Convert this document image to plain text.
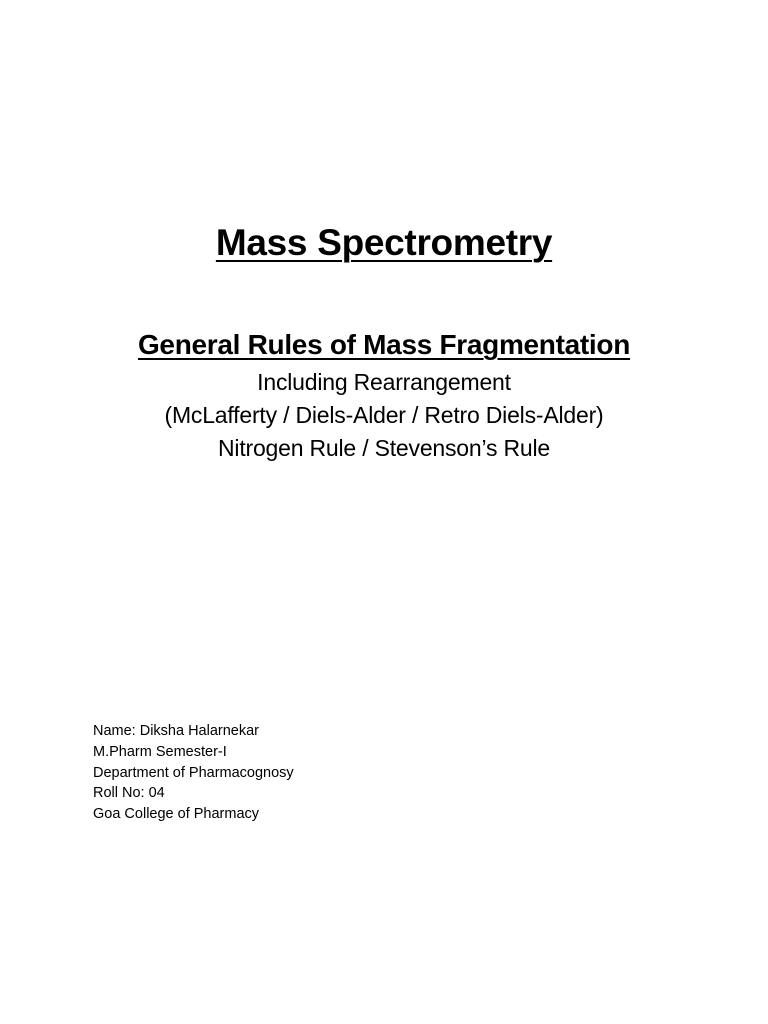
Mass Spectrometry
General Rules of Mass Fragmentation
Including Rearrangement
(McLafferty / Diels-Alder / Retro Diels-Alder)
Nitrogen Rule / Stevenson’s Rule
Name: Diksha Halarnekar
M.Pharm Semester-I
Department of Pharmacognosy
Roll No: 04
Goa College of Pharmacy
